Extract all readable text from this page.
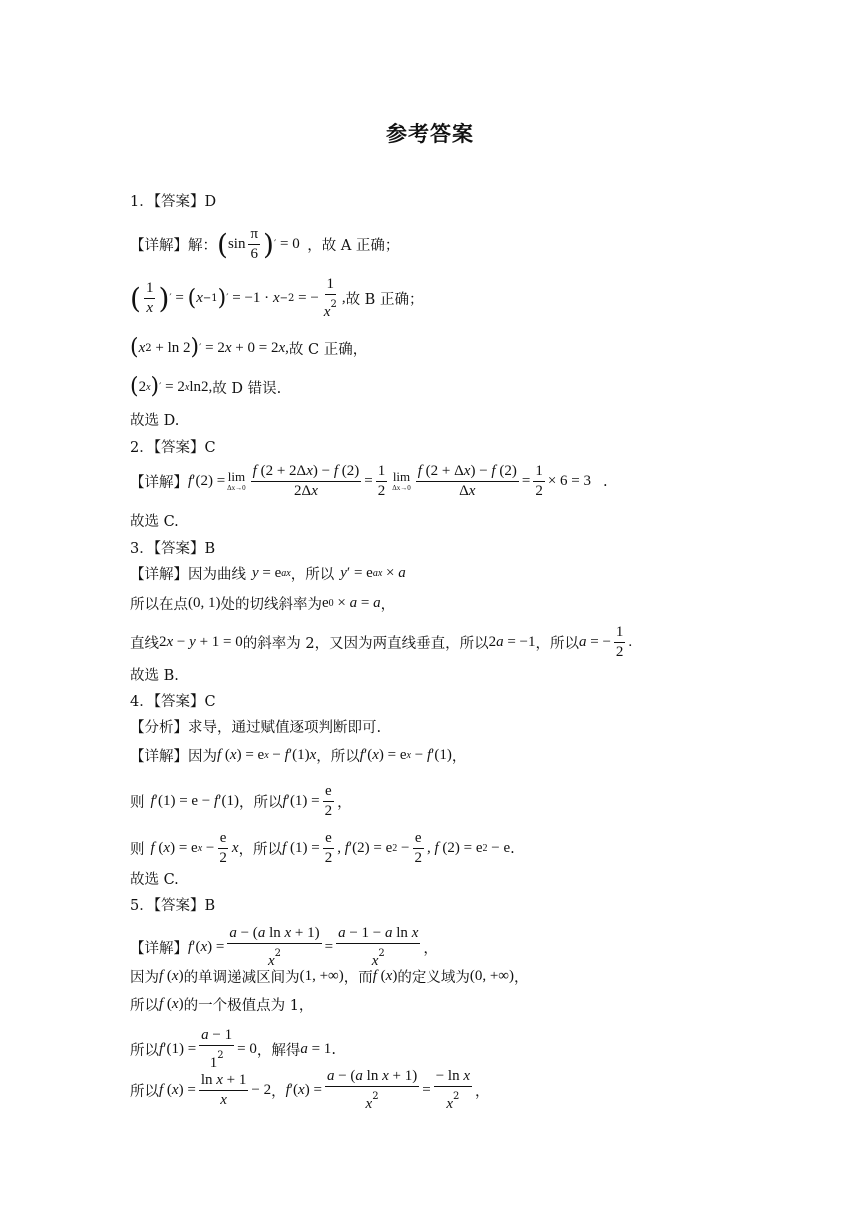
参考答案
1．【答案】D
【详解】解： ( $\sin \frac{\pi}{6}$ ) ′ = 0 ，故 A 正确；
( $\frac{1}{x}$ ) ′ = ( x −1 ) ′ = −1 · x −2 = − $\frac{1}{x^2}$ , 故 B 正确；
( x 2 + ln 2 ) ′ = 2 x + 0 = 2 x , 故 C 正确，
( 2 x ) ′ = 2 x ln2, 故 D 错误.
故选 D.
2．【答案】C
【详解】 f ′ (2) = lim
$\Delta x\to 0 \frac{f (2 + 2\Delta x) - f (2)}{2\Delta x} = \frac{1}{2}$ lim
$\Delta x\to 0 \frac{f (2 + \Delta x) - f (2)}{\Delta x} = \frac{1}{2} \times 6 = 3$ .
故选 C.
3．【答案】B
【详解】因为曲线 y = e ax ，所以 y ′ = e ax × a
所以在点 (0, 1) 处的切线斜率为 e 0 × a = a ，
直线 2 x − y + 1 = 0 的斜率为 2，又因为两直线垂直，所以 2 a = −1 ，所以 a = − $\frac{1}{2}$ .
故选 B.
4．【答案】C
【分析】求导，通过赋值逐项判断即可.
【详解】因为 f ( x ) = e x − f ′(1) x ，所以 f ′( x ) = e x − f ′(1) ，
则 f ′(1) = e − f ′(1) ，所以 f $'(1) = \frac{e}{2}$ ，
则 f ( x ) = e $x - \frac{e}{2}$ x ，所以 f $(1) = \frac{e}{2}$ , f ′(2) = e $2 - \frac{e}{2}$ , f (2) = e 2 − e .
故选 C.
5．【答案】B
【详解】 f ′( x ) = $\frac{\text{a − (a ln x + 1)}}{x^2} = \frac{\text{a − 1 − a ln x}}{x^2}$ ，
因为 f ( x ) 的单调递减区间为 (1, +∞) ，而 f ( x ) 的定义域为 (0, +∞) ，
所以 f ( x ) 的一个极值点为 1，
所以 f $'(1) = \frac{a - 1}{1^2} = 0$ ，解得 a = 1 .
所以 f ( x ) = $\frac{\text{ln x + 1}}{x} - 2$ ， f ′( x ) = $\frac{\text{a − (a ln x + 1)}}{x^2} = \frac{\text{− ln x}}{x^2}$ ，
